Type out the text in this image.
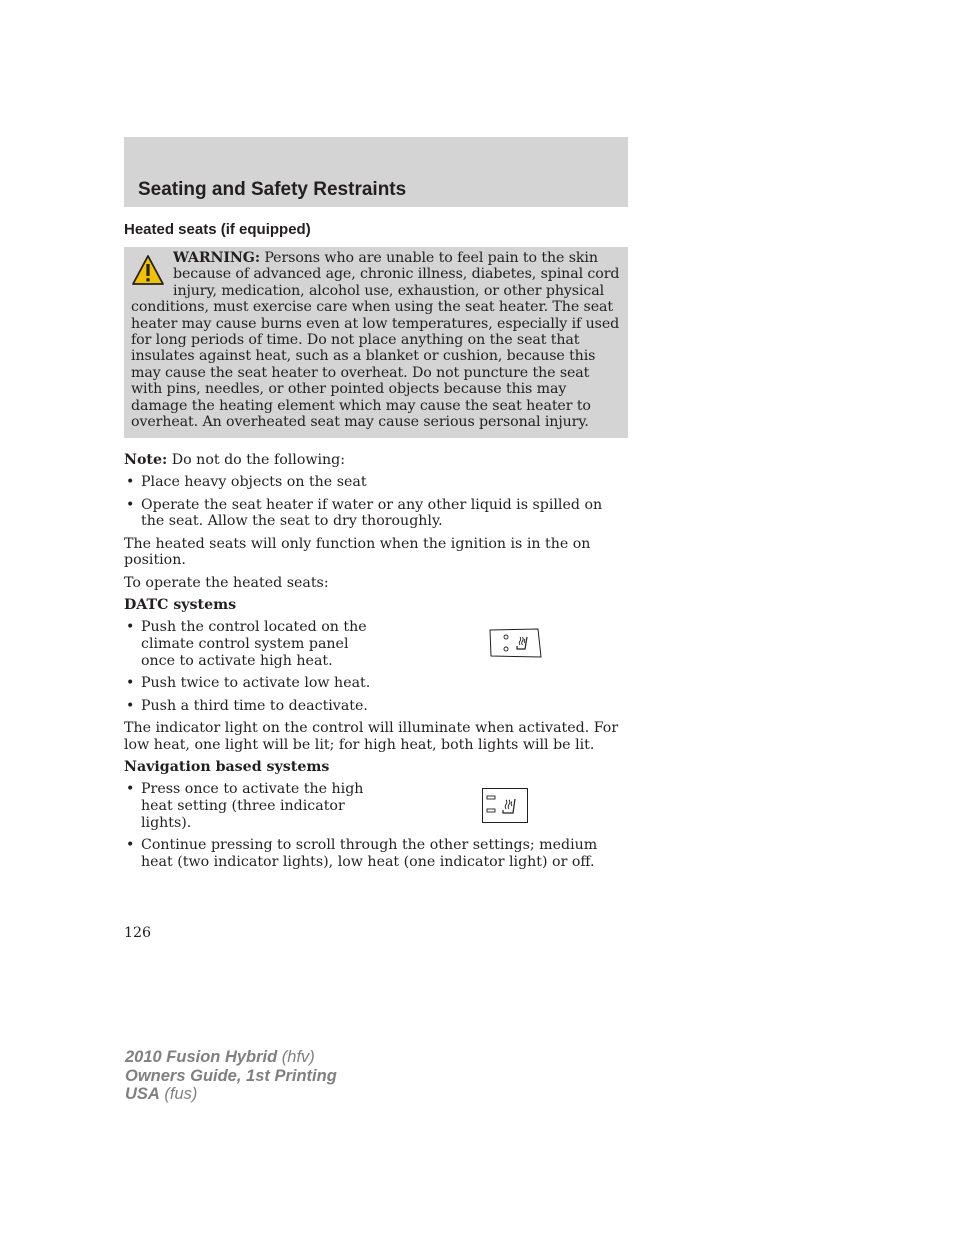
Seating and Safety Restraints
Heated seats (if equipped)

WARNING: Persons who are unable to feel pain to the skin because of advanced age, chronic illness, diabetes, spinal cord injury, medication, alcohol use, exhaustion, or other physical conditions, must exercise care when using the seat heater. The seat heater may cause burns even at low temperatures, especially if used for long periods of time. Do not place anything on the seat that insulates against heat, such as a blanket or cushion, because this may cause the seat heater to overheat. Do not puncture the seat with pins, needles, or other pointed objects because this may damage the heating element which may cause the seat heater to overheat. An overheated seat may cause serious personal injury.

Note: Do not do the following:

• Place heavy objects on the seat
• Operate the seat heater if water or any other liquid is spilled on the seat. Allow the seat to dry thoroughly.

The heated seats will only function when the ignition is in the on position.

To operate the heated seats:

DATC systems

• Push the control located on the climate control system panel once to activate high heat.
• Push twice to activate low heat.
• Push a third time to deactivate.

The indicator light on the control will illuminate when activated. For low heat, one light will be lit; for high heat, both lights will be lit.

Navigation based systems

• Press once to activate the high heat setting (three indicator lights).
• Continue pressing to scroll through the other settings; medium heat (two indicator lights), low heat (one indicator light) or off.
126
2010 Fusion Hybrid (hfv)
Owners Guide, 1st Printing
USA (fus)
